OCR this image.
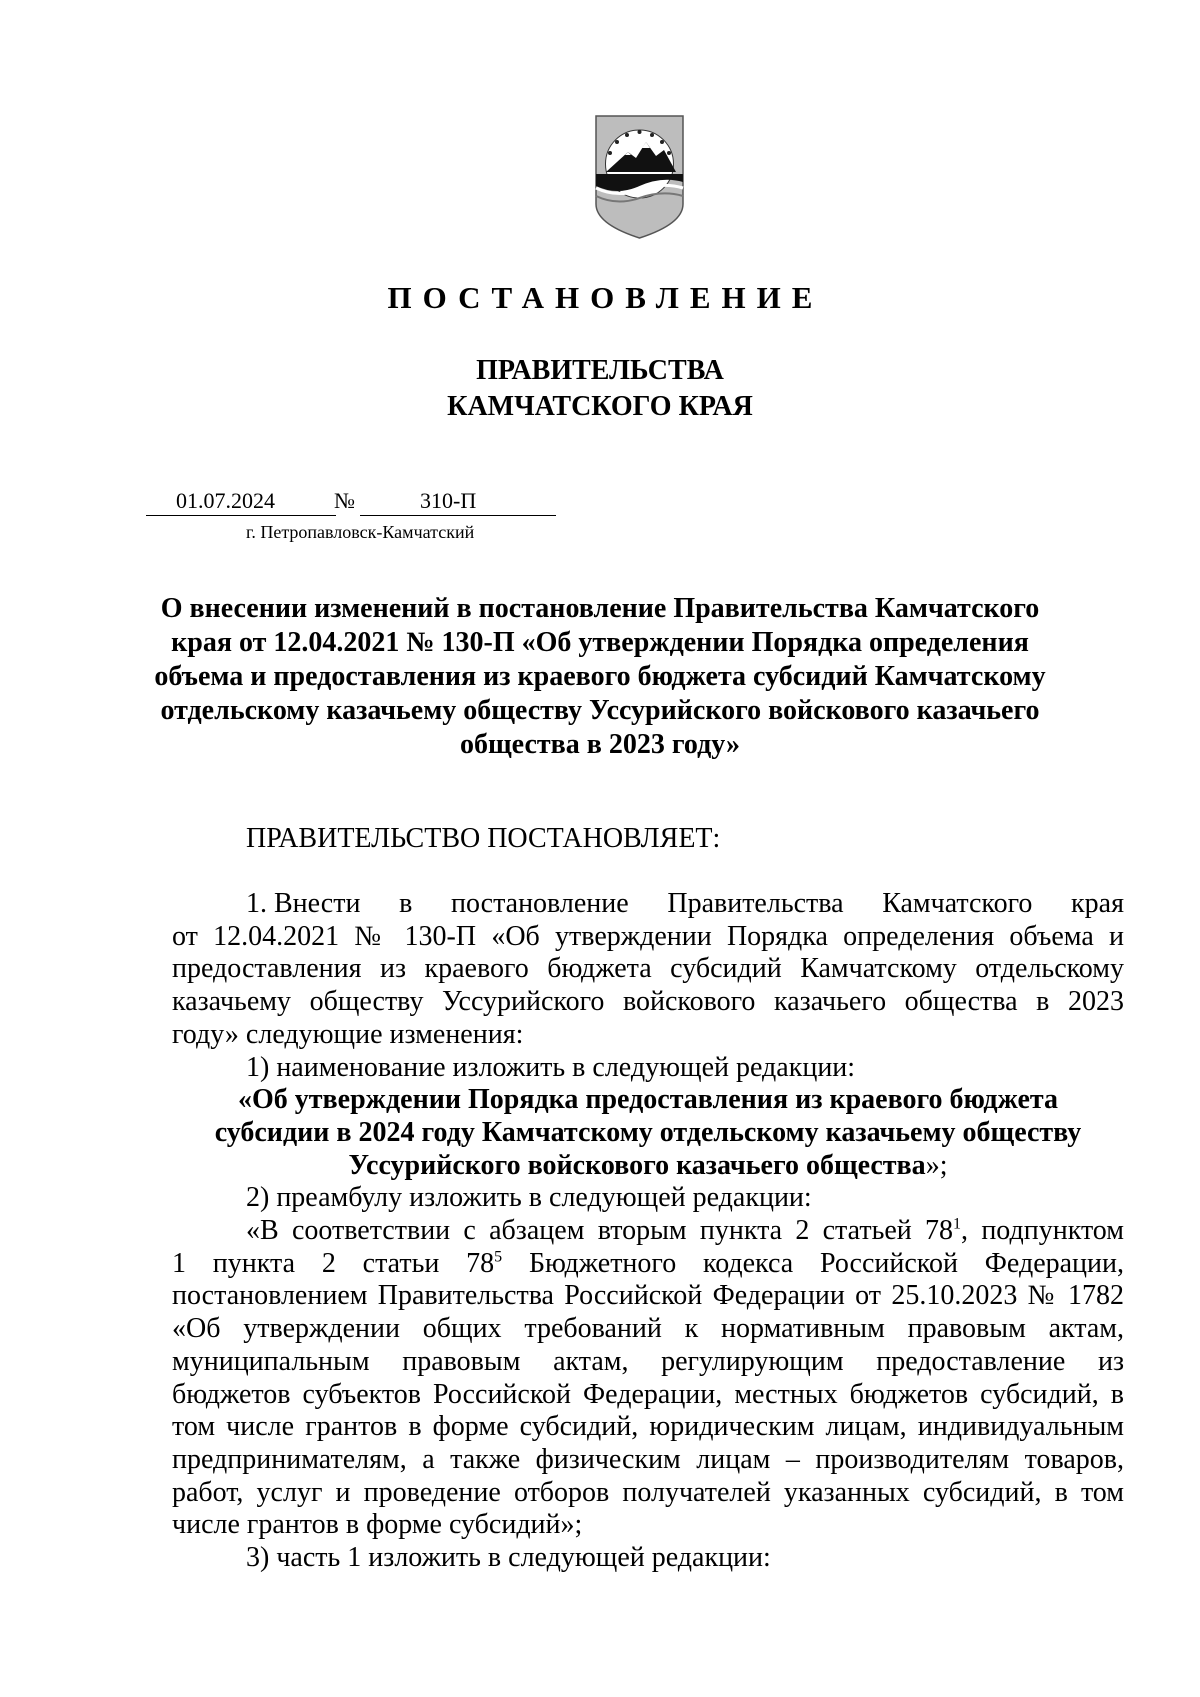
ПОСТАНОВЛЕНИЕ
ПРАВИТЕЛЬСТВА
КАМЧАТСКОГО КРАЯ
01.07.2024	№	310-П
г. Петропавловск-Камчатский
О внесении изменений в постановление Правительства Камчатского
края от 12.04.2021 № 130-П «Об утверждении Порядка определения
объема и предоставления из краевого бюджета субсидий Камчатскому
отдельскому казачьему обществу Уссурийского войскового казачьего
общества в 2023 году»
ПРАВИТЕЛЬСТВО ПОСТАНОВЛЯЕТ:
1. Внести в постановление Правительства Камчатского края
от 12.04.2021 № 130-П «Об утверждении Порядка определения объема и
предоставления из краевого бюджета субсидий Камчатскому отдельскому
казачьему обществу Уссурийского войскового казачьего общества в 2023
году» следующие изменения:
1) наименование изложить в следующей редакции:
«Об утверждении Порядка предоставления из краевого бюджета
субсидии в 2024 году Камчатскому отдельскому казачьему обществу
Уссурийского войскового казачьего общества»;
2) преамбулу изложить в следующей редакции:
«В соответствии с абзацем вторым пункта 2 статьей $78^1$, подпунктом
1 пункта 2 статьи $78^5$ Бюджетного кодекса Российской Федерации,
постановлением Правительства Российской Федерации от 25.10.2023 № 1782
«Об утверждении общих требований к нормативным правовым актам,
муниципальным правовым актам, регулирующим предоставление из
бюджетов субъектов Российской Федерации, местных бюджетов субсидий, в
том числе грантов в форме субсидий, юридическим лицам, индивидуальным
предпринимателям, а также физическим лицам – производителям товаров,
работ, услуг и проведение отборов получателей указанных субсидий, в том
числе грантов в форме субсидий»;
3) часть 1 изложить в следующей редакции:
